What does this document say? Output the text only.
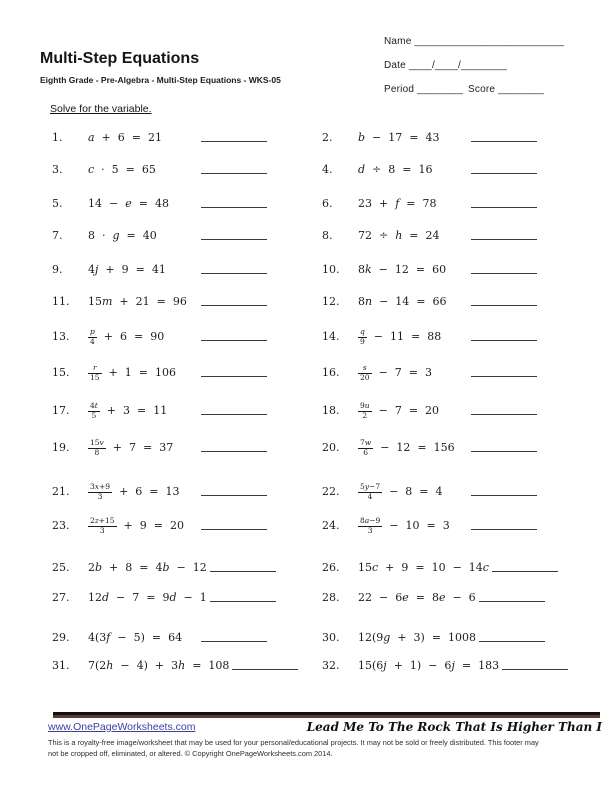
Multi-Step Equations
Eighth Grade - Pre-Algebra - Multi-Step Equations - WKS-05
Name __________________________
Date ____/____/________
Period ________ Score ________
Solve for the variable.
1. a + 6 = 21	2. b − 17 = 43
3. c · 5 = 65	4. d ÷ 8 = 16
5. 14 − e = 48	6. 23 + f = 78
7. 8 · g = 40	8. 72 ÷ h = 24
9. 4j + 9 = 41	10. 8k − 12 = 60
11. 15m + 21 = 96	12. 8n − 14 = 66
13. $\frac{p}{4} + 6 = 90$	14. $\frac{q}{9} - 11 = 88$
15. $\frac{r}{15} + 1 = 106$	16. $\frac{s}{20} - 7 = 3$
17. $\frac{4t}{5} + 3 = 11$	18. $\frac{9u}{2} - 7 = 20$
19. $\frac{15v}{8} + 7 = 37$	20. $\frac{7w}{6} - 12 = 156$
21. $\frac{3x+9}{3} + 6 = 13$	22. $\frac{5y-7}{4} - 8 = 4$
23. $\frac{2z+15}{3} + 9 = 20$	24. $\frac{8a-9}{3} - 10 = 3$
25. 2b + 8 = 4b − 12	26. 15c + 9 = 10 − 14c
27. 12d − 7 = 9d − 1	28. 22 − 6e = 8e − 6
29. 4(3f − 5) = 64	30. 12(9g + 3) = 1008
31. 7(2h − 4) + 3h = 108	32. 15(6j + 1) − 6j = 183
www.OnePageWorksheets.com	Lead Me To The Rock That Is Higher Than I
This is a royalty-free image/worksheet that may be used for your personal/educational projects. It may not be sold or freely distributed. This footer may
not be cropped off, eliminated, or altered. © Copyright OnePageWorksheets.com 2014.
